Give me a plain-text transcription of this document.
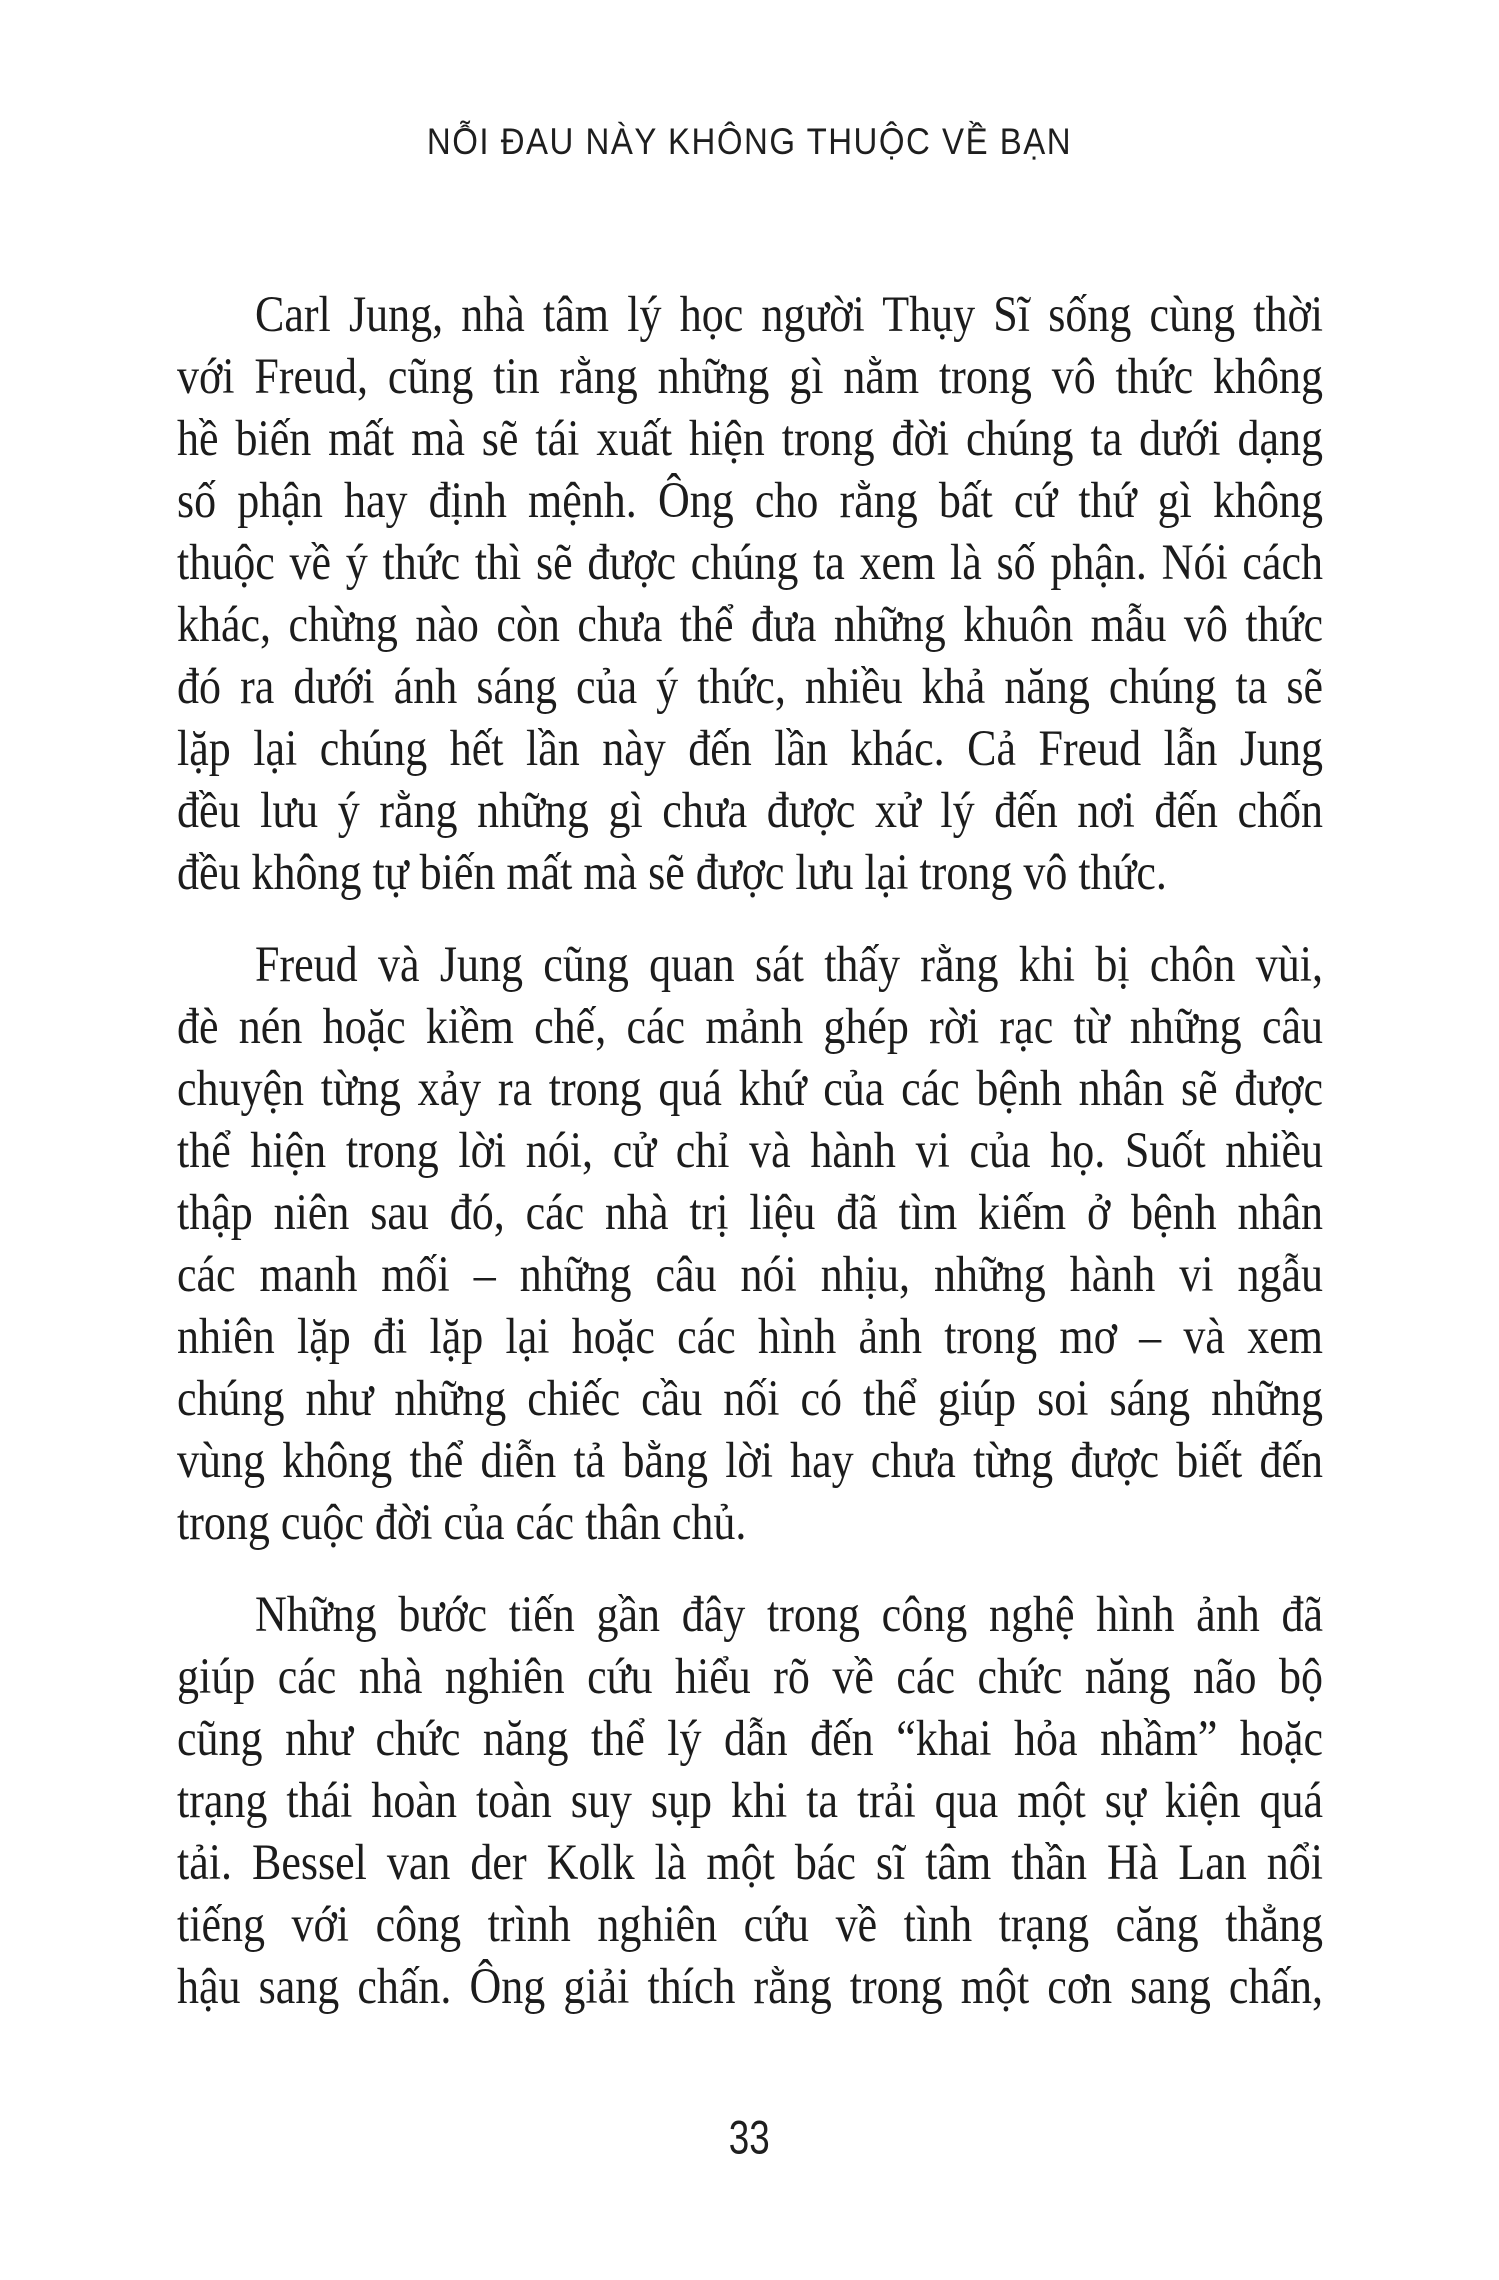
NỖI ĐAU NÀY KHÔNG THUỘC VỀ BẠN
Carl Jung, nhà tâm lý học người Thụy Sĩ sống cùng thời
với Freud, cũng tin rằng những gì nằm trong vô thức không
hề biến mất mà sẽ tái xuất hiện trong đời chúng ta dưới dạng
số phận hay định mệnh. Ông cho rằng bất cứ thứ gì không
thuộc về ý thức thì sẽ được chúng ta xem là số phận. Nói cách
khác, chừng nào còn chưa thể đưa những khuôn mẫu vô thức
đó ra dưới ánh sáng của ý thức, nhiều khả năng chúng ta sẽ
lặp lại chúng hết lần này đến lần khác. Cả Freud lẫn Jung
đều lưu ý rằng những gì chưa được xử lý đến nơi đến chốn
đều không tự biến mất mà sẽ được lưu lại trong vô thức.
Freud và Jung cũng quan sát thấy rằng khi bị chôn vùi,
đè nén hoặc kiềm chế, các mảnh ghép rời rạc từ những câu
chuyện từng xảy ra trong quá khứ của các bệnh nhân sẽ được
thể hiện trong lời nói, cử chỉ và hành vi của họ. Suốt nhiều
thập niên sau đó, các nhà trị liệu đã tìm kiếm ở bệnh nhân
các manh mối – những câu nói nhịu, những hành vi ngẫu
nhiên lặp đi lặp lại hoặc các hình ảnh trong mơ – và xem
chúng như những chiếc cầu nối có thể giúp soi sáng những
vùng không thể diễn tả bằng lời hay chưa từng được biết đến
trong cuộc đời của các thân chủ.
Những bước tiến gần đây trong công nghệ hình ảnh đã
giúp các nhà nghiên cứu hiểu rõ về các chức năng não bộ
cũng như chức năng thể lý dẫn đến “khai hỏa nhầm” hoặc
trạng thái hoàn toàn suy sụp khi ta trải qua một sự kiện quá
tải. Bessel van der Kolk là một bác sĩ tâm thần Hà Lan nổi
tiếng với công trình nghiên cứu về tình trạng căng thẳng
hậu sang chấn. Ông giải thích rằng trong một cơn sang chấn,
33
